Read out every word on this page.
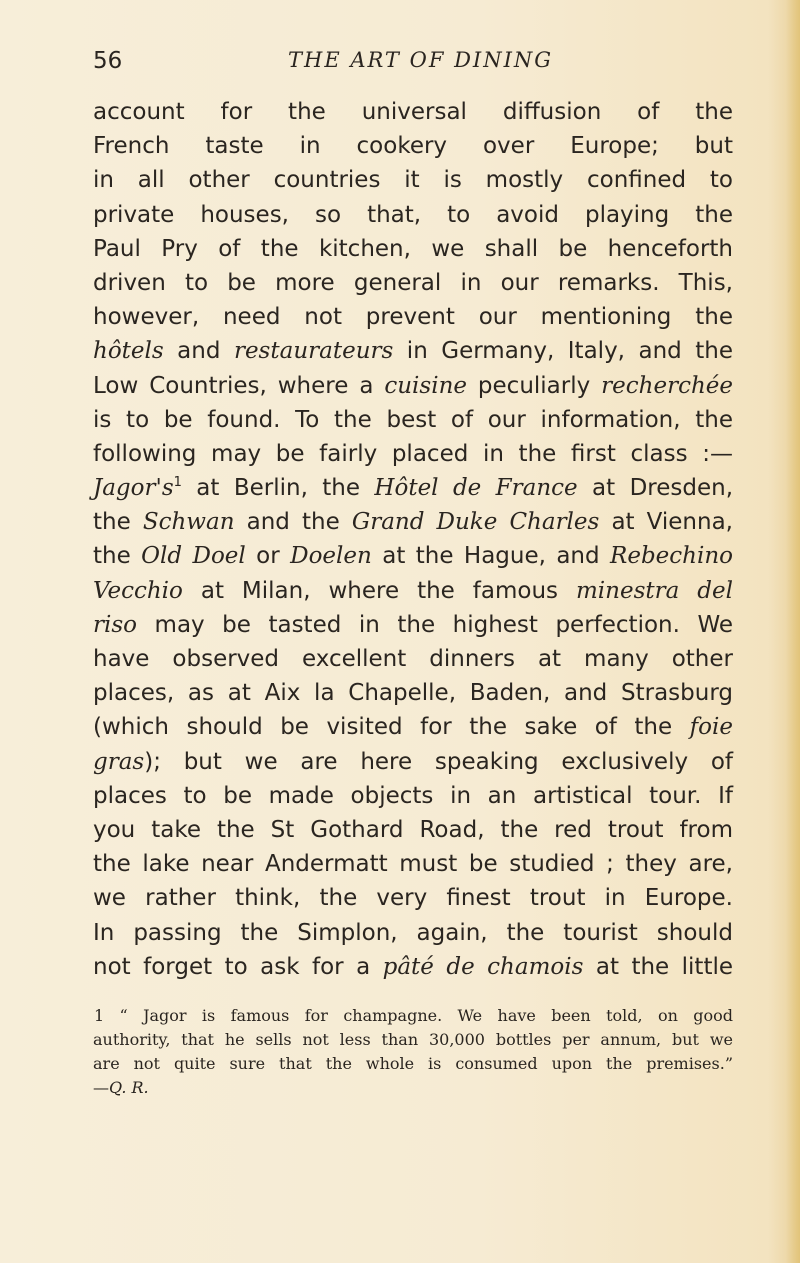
56	THE ART OF DINING
account for the universal diffusion of the
French taste in cookery over Europe; but
in all other countries it is mostly confined to
private houses, so that, to avoid playing the
Paul Pry of the kitchen, we shall be henceforth
driven to be more general in our remarks. This,
however, need not prevent our mentioning the
hôtels and restaurateurs in Germany, Italy, and the
Low Countries, where a cuisine peculiarly recherchée
is to be found. To the best of our information, the
following may be fairly placed in the first class :—
$Jagor's^1$ at Berlin, the Hôtel de France at Dresden,
the Schwan and the Grand Duke Charles at Vienna,
the Old Doel or Doelen at the Hague, and Rebechino
Vecchio at Milan, where the famous minestra del
riso may be tasted in the highest perfection. We
have observed excellent dinners at many other
places, as at Aix la Chapelle, Baden, and Strasburg
(which should be visited for the sake of the foie
gras); but we are here speaking exclusively of
places to be made objects in an artistical tour. If
you take the St Gothard Road, the red trout from
the lake near Andermatt must be studied ; they are,
we rather think, the very finest trout in Europe.
In passing the Simplon, again, the tourist should
not forget to ask for a pâté de chamois at the little
1 “ Jagor is famous for champagne. We have been told, on good
authority, that he sells not less than 30,000 bottles per annum, but we
are not quite sure that the whole is consumed upon the premises.”
—Q. R.
